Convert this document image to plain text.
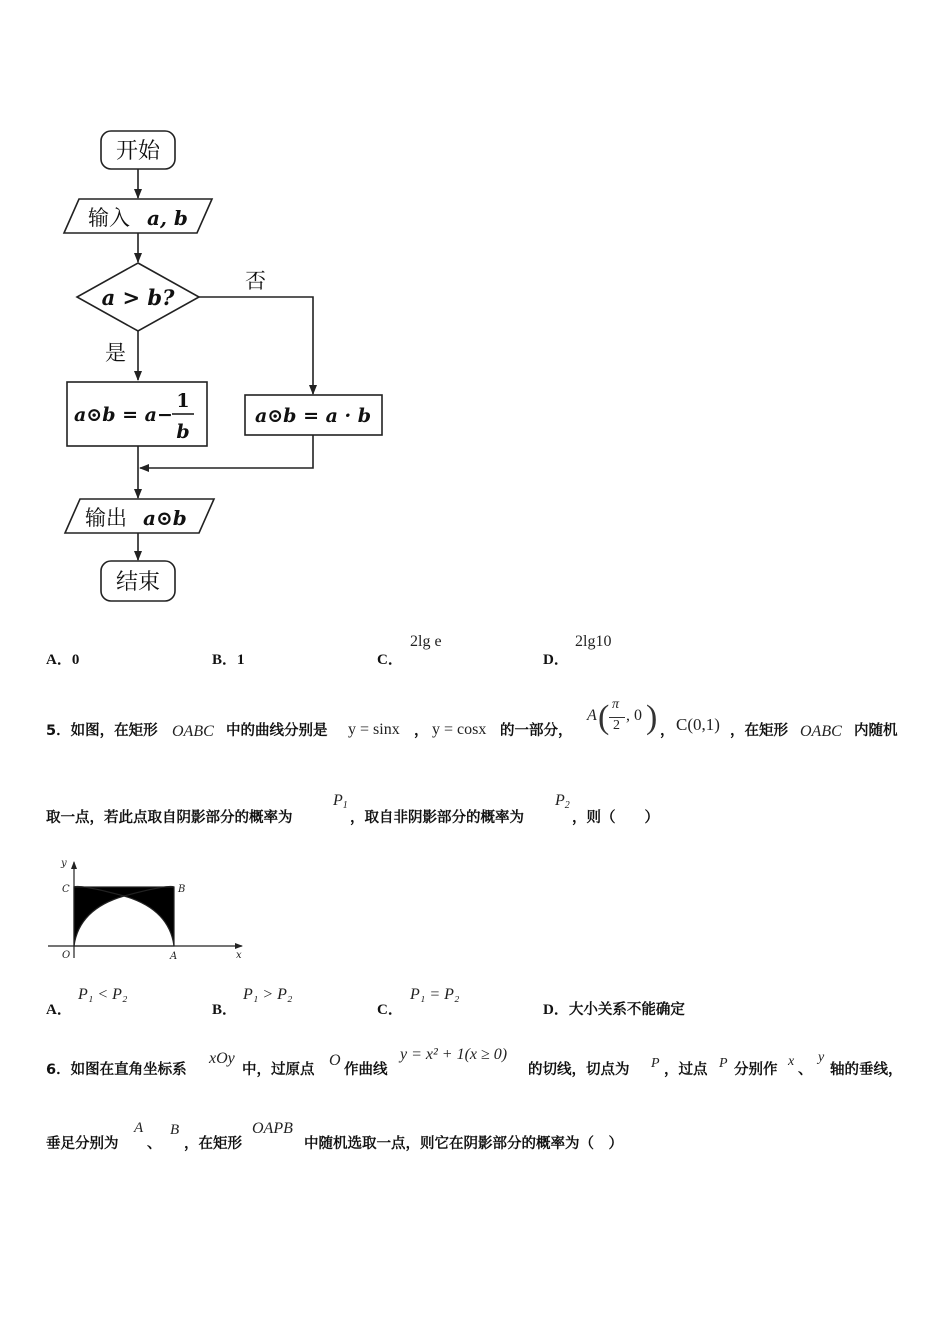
开始
输入 a, b
a > b?
是
否
a⊙b = a−
1
b
a⊙b = a · b
输出 a⊙b
结束
A．0	B．1	C．
2lg e
D．
2lg10
5．如图，在矩形 OABC 中的曲线分别是 y = sinx ， y = cosx 的一部分，
A ( π
2
, 0 ) ， C(0,1) ，在矩形 OABC 内随机
取一点，若此点取自阴影部分的概率为
$P_1$
，取自非阴影部分的概率为
$P_2$
，则（　　）
y
x
O	A
B
C
A．
P₁ < P₂
B．
P₁ > P₂
C．
P₁ = P₂
D．大小关系不能确定
6．如图在直角坐标系
xOy
中，过原点
O
作曲线
y = x² + 1(x ≥ 0)
的切线，切点为 P ，过点 P 分别作
x
、
y
轴的垂线，
垂足分别为
A
、
B
，在矩形
OAPB
中随机选取一点，则它在阴影部分的概率为（　）
